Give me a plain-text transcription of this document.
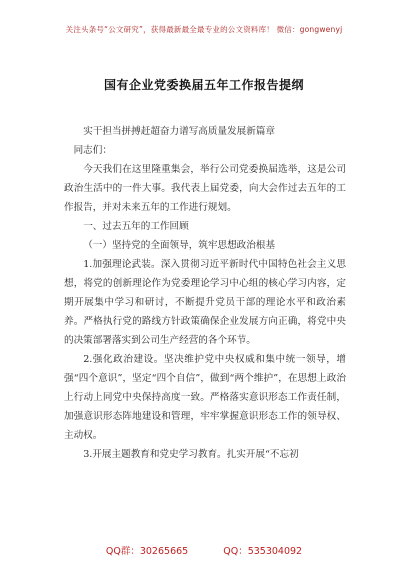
关注头条号“公文研究”，获得最新最全最专业的公文资料库！ 微信：gongwenyj
国有企业党委换届五年工作报告提纲

实干担当拼搏赶超奋力谱写高质量发展新篇章

同志们：

今天我们在这里隆重集会，举行公司党委换届选举，这是公司政治生活中的一件大事。我代表上届党委，向大会作过去五年的工作报告，并对未来五年的工作进行规划。

一、过去五年的工作回顾

（一）坚持党的全面领导，筑牢思想政治根基

1.加强理论武装。深入贯彻习近平新时代中国特色社会主义思想，将党的创新理论作为党委理论学习中心组的核心学习内容，定期开展集中学习和研讨，不断提升党员干部的理论水平和政治素养。严格执行党的路线方针政策确保企业发展方向正确，将党中央的决策部署落实到公司生产经营的各个环节。

2.强化政治建设。坚决维护党中央权威和集中统一领导，增强“四个意识”，坚定“四个自信”，做到“两个维护”，在思想上政治上行动上同党中央保持高度一致。严格落实意识形态工作责任制，加强意识形态阵地建设和管理，牢牢掌握意识形态工作的领导权、主动权。

3.开展主题教育和党史学习教育。扎实开展“不忘初

QQ群：30265665	QQ：535304092
